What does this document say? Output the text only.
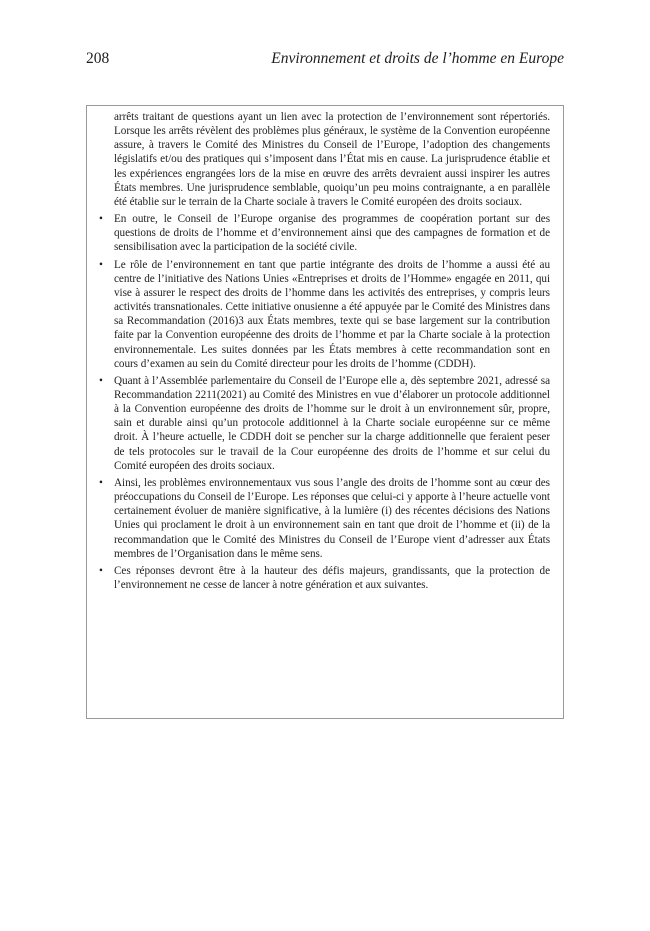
208	Environnement et droits de l’homme en Europe

arrêts traitant de questions ayant un lien avec la protection de l’environnement sont répertoriés. Lorsque les arrêts révèlent des problèmes plus généraux, le système de la Convention européenne assure, à travers le Comité des Ministres du Conseil de l’Europe, l’adoption des changements législatifs et/ou des pratiques qui s’imposent dans l’État mis en cause. La jurisprudence établie et les expériences engrangées lors de la mise en œuvre des arrêts devraient aussi inspirer les autres États membres. Une jurisprudence semblable, quoiqu’un peu moins contraignante, a en parallèle été établie sur le terrain de la Charte sociale à travers le Comité européen des droits sociaux.

• En outre, le Conseil de l’Europe organise des programmes de coopération portant sur des questions de droits de l’homme et d’environnement ainsi que des campagnes de formation et de sensibilisation avec la participation de la société civile.
• Le rôle de l’environnement en tant que partie intégrante des droits de l’homme a aussi été au centre de l’initiative des Nations Unies «Entreprises et droits de l’Homme» engagée en 2011, qui vise à assurer le respect des droits de l’homme dans les activités des entreprises, y compris leurs activités transnationales. Cette initiative onusienne a été appuyée par le Comité des Ministres dans sa Recommandation (2016)3 aux États membres, texte qui se base largement sur la contribution faite par la Convention européenne des droits de l’homme et par la Charte sociale à la protection environnementale. Les suites données par les États membres à cette recommandation sont en cours d’examen au sein du Comité directeur pour les droits de l’homme (CDDH).
• Quant à l’Assemblée parlementaire du Conseil de l’Europe elle a, dès septembre 2021, adressé sa Recommandation 2211(2021) au Comité des Ministres en vue d’élaborer un protocole additionnel à la Convention européenne des droits de l’homme sur le droit à un environnement sûr, propre, sain et durable ainsi qu’un protocole additionnel à la Charte sociale européenne sur ce même droit. À l’heure actuelle, le CDDH doit se pencher sur la charge additionnelle que feraient peser de tels protocoles sur le travail de la Cour européenne des droits de l’homme et sur celui du Comité européen des droits sociaux.
• Ainsi, les problèmes environnementaux vus sous l’angle des droits de l’homme sont au cœur des préoccupations du Conseil de l’Europe. Les réponses que celui-ci y apporte à l’heure actuelle vont certainement évoluer de manière significative, à la lumière (i) des récentes décisions des Nations Unies qui proclament le droit à un environnement sain en tant que droit de l’homme et (ii) de la recommandation que le Comité des Ministres du Conseil de l’Europe vient d’adresser aux États membres de l’Organisation dans le même sens.
• Ces réponses devront être à la hauteur des défis majeurs, grandissants, que la protection de l’environnement ne cesse de lancer à notre génération et aux suivantes.
